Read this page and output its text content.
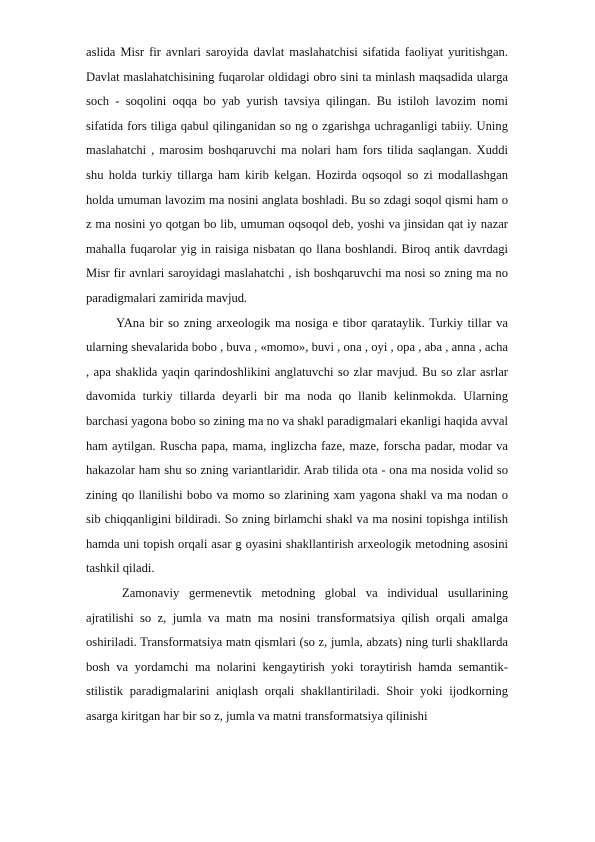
aslida Misr fir avnlari saroyida davlat maslahatchisi sifatida faoliyat yuritishgan. Davlat maslahatchisining fuqarolar oldidagi obro sini ta minlash maqsadida ularga soch - soqolini oqqa bo yab yurish tavsiya qilingan. Bu istiloh lavozim nomi sifatida fors tiliga qabul qilinganidan so ng o zgarishga uchraganligi tabiiy. Uning maslahatchi , marosim boshqaruvchi ma nolari ham fors tilida saqlangan. Xuddi shu holda turkiy tillarga ham kirib kelgan. Hozirda oqsoqol so zi modallashgan holda umuman lavozim ma nosini anglata boshladi. Bu so zdagi soqol qismi ham o z ma nosini yo qotgan bo lib, umuman oqsoqol deb, yoshi va jinsidan qat iy nazar mahalla fuqarolar yig in raisiga nisbatan qo llana boshlandi. Biroq antik davrdagi Misr fir avnlari saroyidagi maslahatchi , ish boshqaruvchi ma nosi so zning ma no paradigmalari zamirida mavjud.

YAna bir so zning arxeologik ma nosiga e tibor qarataylik. Turkiy tillar va ularning shevalarida bobo , buva , «momo», buvi , ona , oyi , opa , aba , anna , acha , apa shaklida yaqin qarindoshlikini anglatuvchi so zlar mavjud. Bu so zlar asrlar davomida turkiy tillarda deyarli bir ma noda qo llanib kelinmokda. Ularning barchasi yagona bobo so zining ma no va shakl paradigmalari ekanligi haqida avval ham aytilgan. Ruscha papa, mama, inglizcha faze, maze, forscha padar, modar va hakazolar ham shu so zning variantlaridir. Arab tilida ota - ona ma nosida volid so zining qo llanilishi bobo va momo so zlarining xam yagona shakl va ma nodan o sib chiqqanligini bildiradi. So zning birlamchi shakl va ma nosini topishga intilish hamda uni topish orqali asar g oyasini shakllantirish arxeologik metodning asosini tashkil qiladi.

Zamonaviy germenevtik metodning global va individual usullarining ajratilishi so z, jumla va matn ma nosini transformatsiya qilish orqali amalga oshiriladi. Transformatsiya matn qismlari (so z, jumla, abzats) ning turli shakllarda bosh va yordamchi ma nolarini kengaytirish yoki toraytirish hamda semantik- stilistik paradigmalarini aniqlash orqali shakllantiriladi. Shoir yoki ijodkorning asarga kiritgan har bir so z, jumla va matni transformatsiya qilinishi
